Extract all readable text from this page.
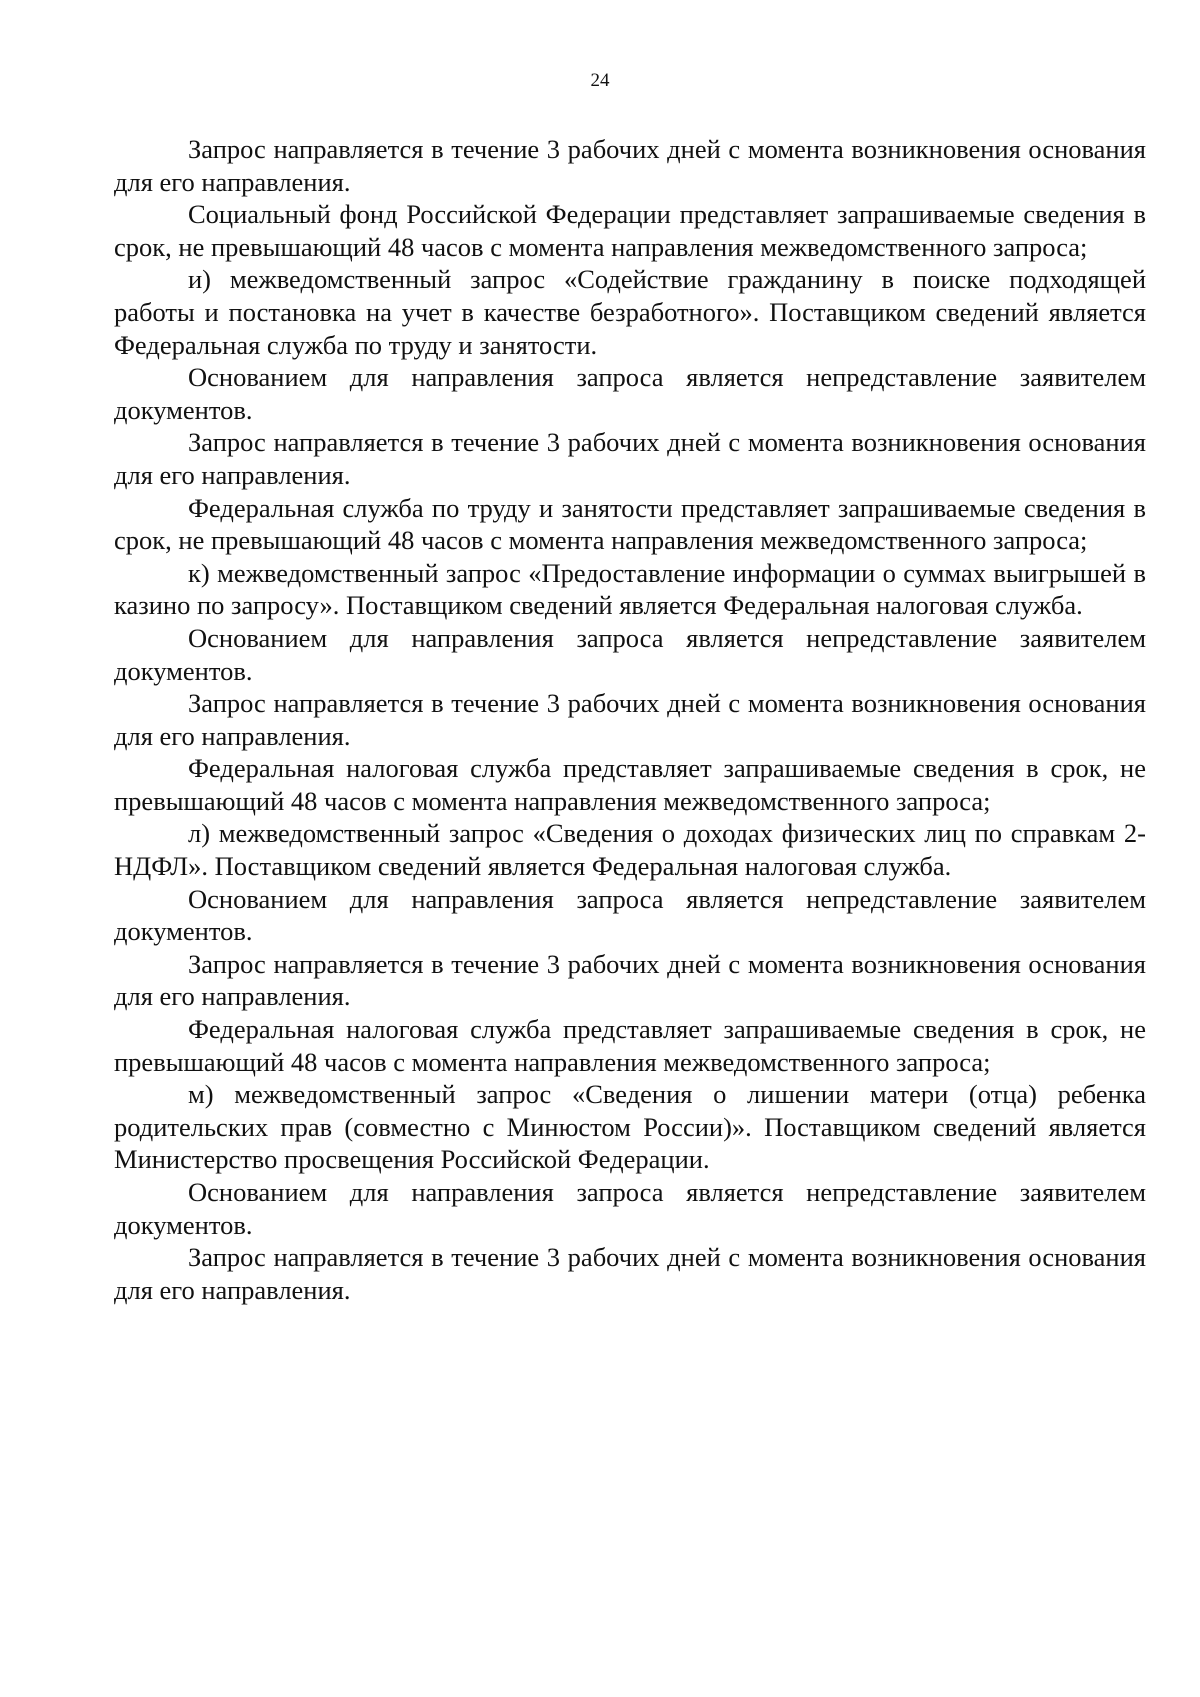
24

Запрос направляется в течение 3 рабочих дней с момента возникновения основания для его направления.

Социальный фонд Российской Федерации представляет запрашиваемые сведения в срок, не превышающий 48 часов с момента направления межведомственного запроса;

и) межведомственный запрос «Содействие гражданину в поиске подходящей работы и постановка на учет в качестве безработного». Поставщиком сведений является Федеральная служба по труду и занятости.

Основанием для направления запроса является непредставление заявителем документов.

Запрос направляется в течение 3 рабочих дней с момента возникновения основания для его направления.

Федеральная служба по труду и занятости представляет запрашиваемые сведения в срок, не превышающий 48 часов с момента направления межведомственного запроса;

к) межведомственный запрос «Предоставление информации о суммах выигрышей в казино по запросу». Поставщиком сведений является Федеральная налоговая служба.

Основанием для направления запроса является непредставление заявителем документов.

Запрос направляется в течение 3 рабочих дней с момента возникновения основания для его направления.

Федеральная налоговая служба представляет запрашиваемые сведения в срок, не превышающий 48 часов с момента направления межведомственного запроса;

л) межведомственный запрос «Сведения о доходах физических лиц по справкам 2-НДФЛ». Поставщиком сведений является Федеральная налоговая служба.

Основанием для направления запроса является непредставление заявителем документов.

Запрос направляется в течение 3 рабочих дней с момента возникновения основания для его направления.

Федеральная налоговая служба представляет запрашиваемые сведения в срок, не превышающий 48 часов с момента направления межведомственного запроса;

м) межведомственный запрос «Сведения о лишении матери (отца) ребенка родительских прав (совместно с Минюстом России)». Поставщиком сведений является Министерство просвещения Российской Федерации.

Основанием для направления запроса является непредставление заявителем документов.

Запрос направляется в течение 3 рабочих дней с момента возникновения основания для его направления.
